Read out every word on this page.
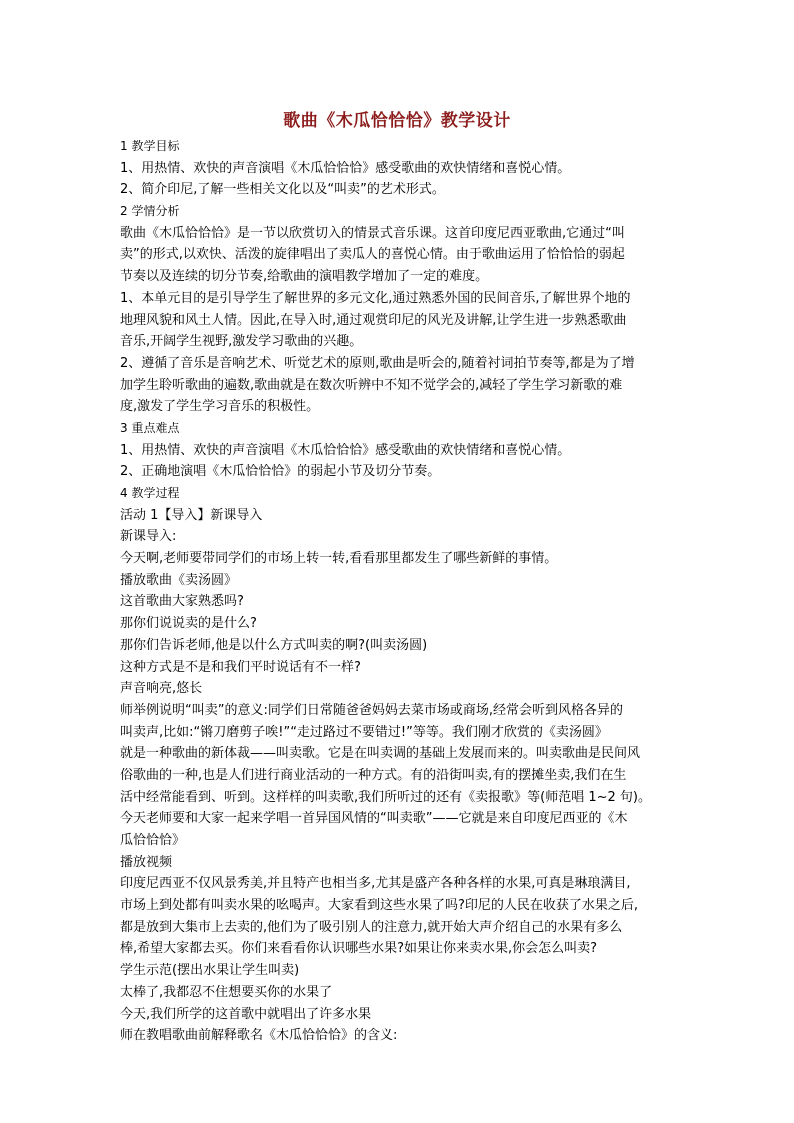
歌曲《木瓜恰恰恰》教学设计
1 教学目标
1、用热情、欢快的声音演唱《木瓜恰恰恰》感受歌曲的欢快情绪和喜悦心情。
2、简介印尼,了解一些相关文化以及“叫卖”的艺术形式。
2 学情分析
歌曲《木瓜恰恰恰》是一节以欣赏切入的情景式音乐课。这首印度尼西亚歌曲,它通过“叫
卖”的形式,以欢快、活泼的旋律唱出了卖瓜人的喜悦心情。由于歌曲运用了恰恰恰的弱起
节奏以及连续的切分节奏,给歌曲的演唱教学增加了一定的难度。
1、本单元目的是引导学生了解世界的多元文化,通过熟悉外国的民间音乐,了解世界个地的
地理风貌和风土人情。因此,在导入时,通过观赏印尼的风光及讲解,让学生进一步熟悉歌曲
音乐,开阔学生视野,激发学习歌曲的兴趣。
2、遵循了音乐是音响艺术、听觉艺术的原则,歌曲是听会的,随着衬词拍节奏等,都是为了增
加学生聆听歌曲的遍数,歌曲就是在数次听辨中不知不觉学会的,减轻了学生学习新歌的难
度,激发了学生学习音乐的积极性。
3 重点难点
1、用热情、欢快的声音演唱《木瓜恰恰恰》感受歌曲的欢快情绪和喜悦心情。
2、正确地演唱《木瓜恰恰恰》的弱起小节及切分节奏。
4 教学过程
活动 1【导入】新课导入
新课导入:
今天啊,老师要带同学们的市场上转一转,看看那里都发生了哪些新鲜的事情。
播放歌曲《卖汤圆》
这首歌曲大家熟悉吗?
那你们说说卖的是什么?
那你们告诉老师,他是以什么方式叫卖的啊?(叫卖汤圆)
这种方式是不是和我们平时说话有不一样?
声音响亮,悠长
师举例说明“叫卖”的意义:同学们日常随爸爸妈妈去菜市场或商场,经常会听到风格各异的
叫卖声,比如:“锵刀磨剪子唉!”“走过路过不要错过!”等等。我们刚才欣赏的《卖汤圆》
就是一种歌曲的新体裁——叫卖歌。它是在叫卖调的基础上发展而来的。叫卖歌曲是民间风
俗歌曲的一种,也是人们进行商业活动的一种方式。有的沿街叫卖,有的摆摊坐卖,我们在生
活中经常能看到、听到。这样样的叫卖歌,我们所听过的还有《卖报歌》等(师范唱 1~2 句)。
今天老师要和大家一起来学唱一首异国风情的“叫卖歌”——它就是来自印度尼西亚的《木
瓜恰恰恰》
播放视频
印度尼西亚不仅风景秀美,并且特产也相当多,尤其是盛产各种各样的水果,可真是琳琅满目,
市场上到处都有叫卖水果的吆喝声。大家看到这些水果了吗?印尼的人民在收获了水果之后,
都是放到大集市上去卖的,他们为了吸引别人的注意力,就开始大声介绍自己的水果有多么
棒,希望大家都去买。你们来看看你认识哪些水果?如果让你来卖水果,你会怎么叫卖?
学生示范(摆出水果让学生叫卖)
太棒了,我都忍不住想要买你的水果了
今天,我们所学的这首歌中就唱出了许多水果
师在教唱歌曲前解释歌名《木瓜恰恰恰》的含义:
